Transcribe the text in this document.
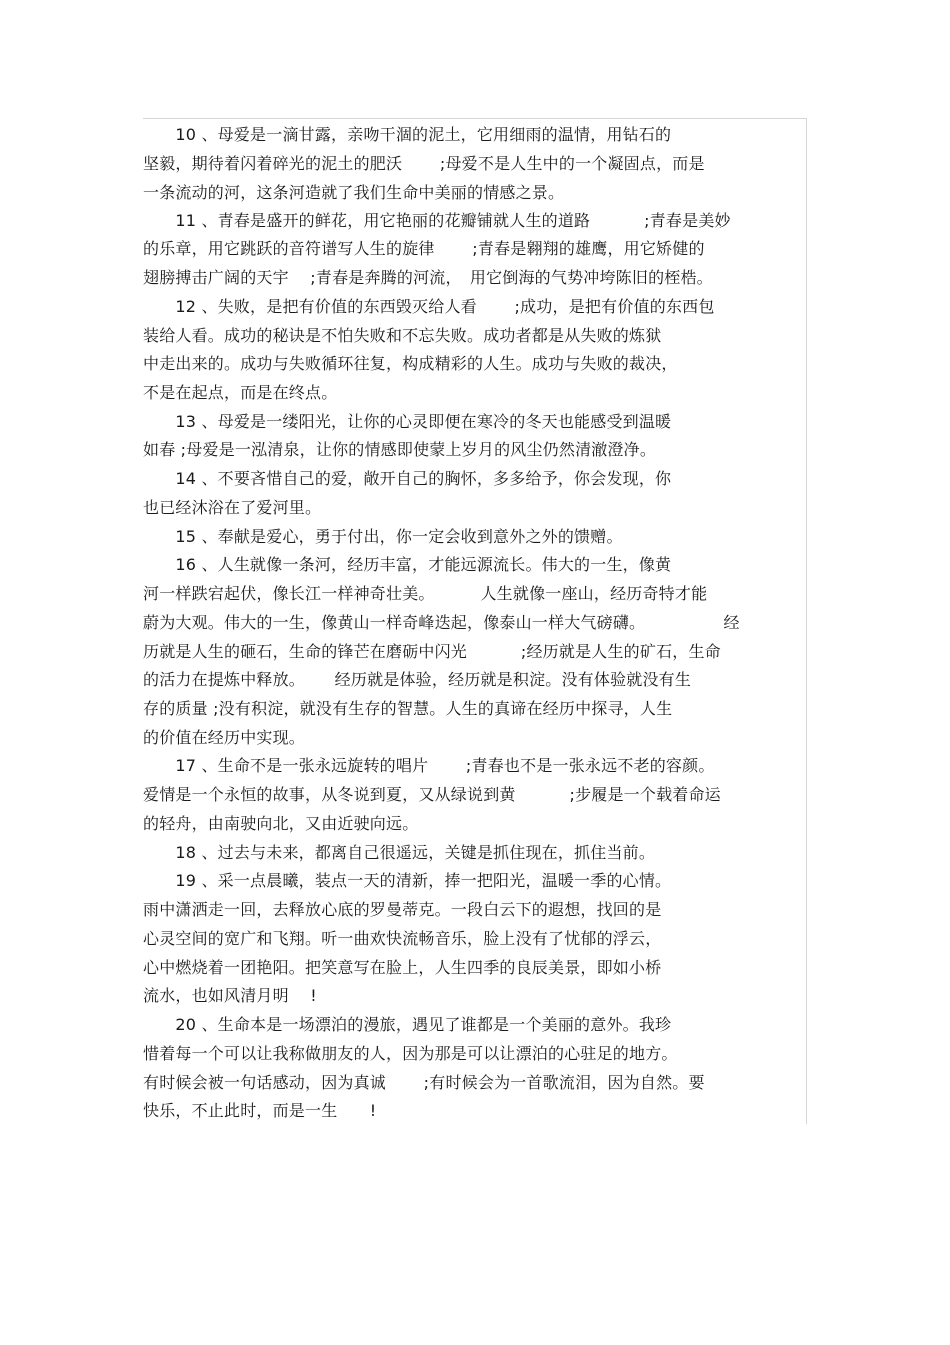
　　10 、母爱是一滴甘露，亲吻干涸的泥土，它用细雨的温情，用钻石的
坚毅，期待着闪着碎光的泥土的肥沃　　 ;母爱不是人生中的一个凝固点，而是
一条流动的河，这条河造就了我们生命中美丽的情感之景。
　　11 、青春是盛开的鲜花，用它艳丽的花瓣铺就人生的道路　　　 ;青春是美妙
的乐章，用它跳跃的音符谱写人生的旋律　　 ;青春是翱翔的雄鹰，用它矫健的
翅膀搏击广阔的天宇　 ;青春是奔腾的河流，　用它倒海的气势冲垮陈旧的桎梏。
　　12 、失败，是把有价值的东西毁灭给人看　　 ;成功，是把有价值的东西包
装给人看。成功的秘诀是不怕失败和不忘失败。成功者都是从失败的炼狱
中走出来的。成功与失败循环往复，构成精彩的人生。成功与失败的裁决，
不是在起点，而是在终点。
　　13 、母爱是一缕阳光，让你的心灵即便在寒冷的冬天也能感受到温暖
如春 ;母爱是一泓清泉，让你的情感即使蒙上岁月的风尘仍然清澈澄净。
　　14 、不要吝惜自己的爱，敞开自己的胸怀，多多给予，你会发现，你
也已经沐浴在了爱河里。
　　15 、奉献是爱心，勇于付出，你一定会收到意外之外的馈赠。
　　16 、人生就像一条河，经历丰富，才能远源流长。伟大的一生，像黄
河一样跌宕起伏，像长江一样神奇壮美。　　　 人生就像一座山，经历奇特才能
蔚为大观。伟大的一生，像黄山一样奇峰迭起，像泰山一样大气磅礴。　　　　　 经
历就是人生的砸石，生命的锋芒在磨砺中闪光　　　 ;经历就是人生的矿石，生命
的活力在提炼中释放。　　 经历就是体验，经历就是积淀。没有体验就没有生
存的质量 ;没有积淀，就没有生存的智慧。人生的真谛在经历中探寻，人生
的价值在经历中实现。
　　17 、生命不是一张永远旋转的唱片　　 ;青春也不是一张永远不老的容颜。
爱情是一个永恒的故事，从冬说到夏，又从绿说到黄　　　 ;步履是一个载着命运
的轻舟，由南驶向北，又由近驶向远。
　　18 、过去与未来，都离自己很遥远，关键是抓住现在，抓住当前。
　　19 、采一点晨曦，装点一天的清新，捧一把阳光，温暖一季的心情。
雨中潇洒走一回，去释放心底的罗曼蒂克。一段白云下的遐想，找回的是
心灵空间的宽广和飞翔。听一曲欢快流畅音乐，脸上没有了忧郁的浮云，
心中燃烧着一团艳阳。把笑意写在脸上，人生四季的良辰美景，即如小桥
流水，也如风清月明　 !
　　20 、生命本是一场漂泊的漫旅，遇见了谁都是一个美丽的意外。我珍
惜着每一个可以让我称做朋友的人，因为那是可以让漂泊的心驻足的地方。
有时候会被一句话感动，因为真诚　　 ;有时候会为一首歌流泪，因为自然。要
快乐，不止此时，而是一生　　!
